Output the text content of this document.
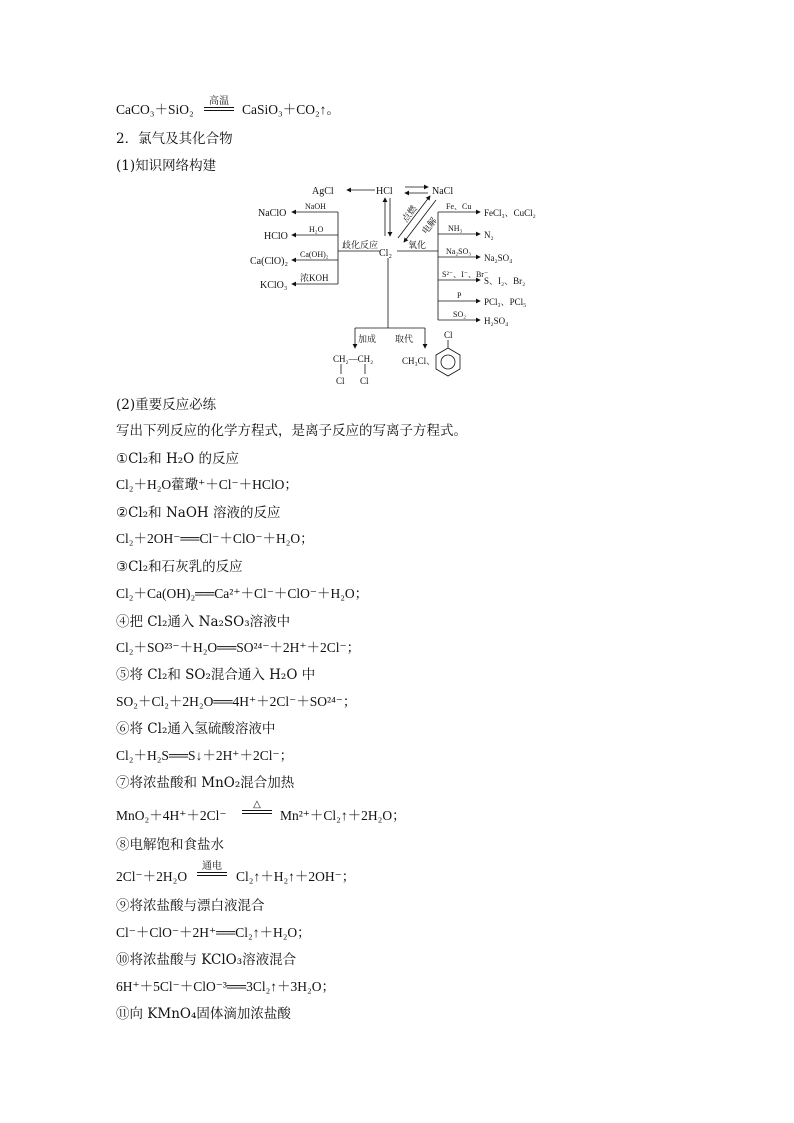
CaCO₃＋SiO₂
高温
CaSiO₃＋CO₂↑。
2．氯气及其化合物
(1)知识网络构建
AgCl	HCl	NaCl
NaClO
HClO
Ca(ClO)₂
KClO₃
NaOH
H₂O
Ca(OH)₂
浓KOH
歧化反应
Cl₂
点燃
电解
氧化
Fe、Cu
FeCl₃、CuCl₂
NH₃
N₂
Na₂SO₃
Na₂SO₄
S²⁻、I⁻、Br⁻
S、I₂、Br₂
P
PCl₃、PCl₅
SO₂
H₂SO₄
加成 取代
CH₂—CH₂
Cl Cl
CH₃Cl、
Cl
(2)重要反应必练
写出下列反应的化学方程式，是离子反应的写离子方程式。
①Cl₂和 H₂O 的反应
Cl₂＋H₂O藿璥⁺＋Cl⁻＋HClO；
②Cl₂和 NaOH 溶液的反应
Cl₂＋2OH⁻══Cl⁻＋ClO⁻＋H₂O；
③Cl₂和石灰乳的反应
Cl₂＋Ca(OH)₂══Ca²⁺＋Cl⁻＋ClO⁻＋H₂O；
④把 Cl₂通入 Na₂SO₃溶液中
Cl₂＋SO²³⁻＋H₂O══SO²⁴⁻＋2H⁺＋2Cl⁻；
⑤将 Cl₂和 SO₂混合通入 H₂O 中
SO₂＋Cl₂＋2H₂O══4H⁺＋2Cl⁻＋SO²⁴⁻；
⑥将 Cl₂通入氢硫酸溶液中
Cl₂＋H₂S══S↓＋2H⁺＋2Cl⁻；
⑦将浓盐酸和 MnO₂混合加热
MnO₂＋4H⁺＋2Cl⁻
△
Mn²⁺＋Cl₂↑＋2H₂O；
⑧电解饱和食盐水
2Cl⁻＋2H₂O
通电
Cl₂↑＋H₂↑＋2OH⁻；
⑨将浓盐酸与漂白液混合
Cl⁻＋ClO⁻＋2H⁺══Cl₂↑＋H₂O；
⑩将浓盐酸与 KClO₃溶液混合
6H⁺＋5Cl⁻＋ClO⁻³══3Cl₂↑＋3H₂O；
⑪向 KMnO₄固体滴加浓盐酸
